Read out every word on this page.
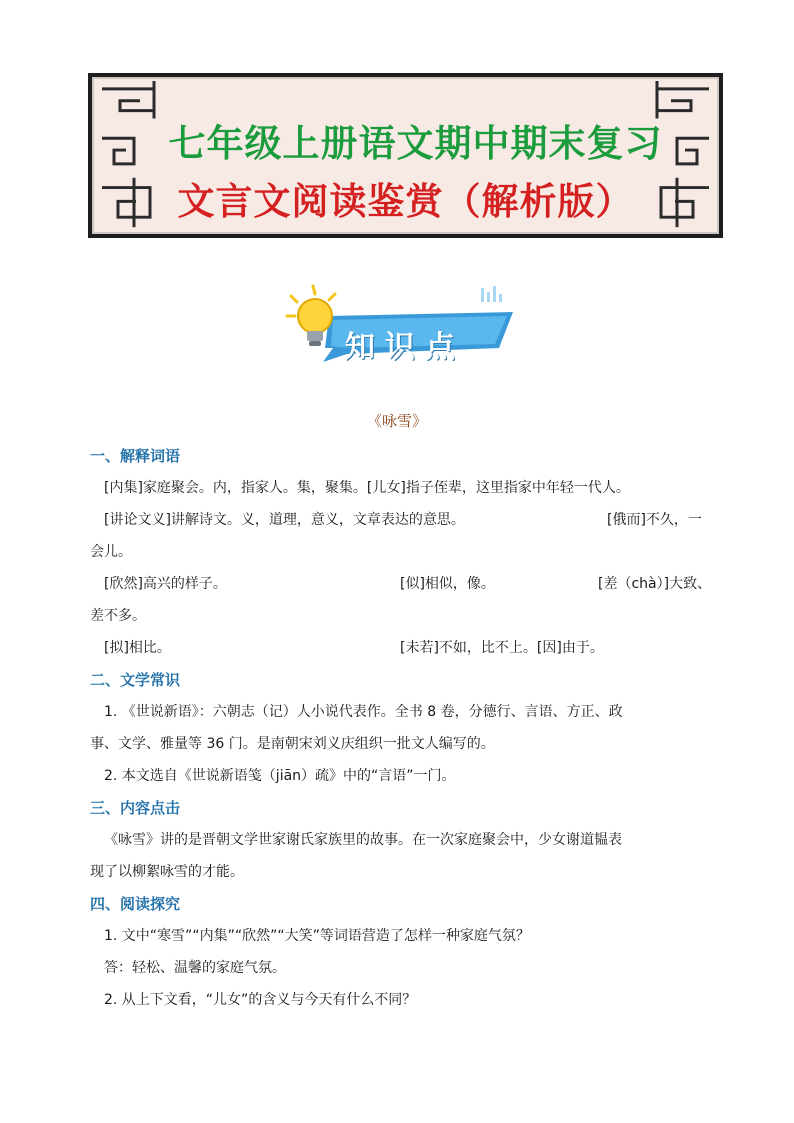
七年级上册语文期中期末复习
文言文阅读鉴赏（解析版）
知识点
《咏雪》

一、解释词语

[内集]家庭聚会。内，指家人。集，聚集。[儿女]指子侄辈，这里指家中年轻一代人。

[讲论文义]讲解诗文。义，道理，意义，文章表达的意思。	[俄而]不久，一

会儿。

[欣然]高兴的样子。	[似]相似，像。	[差（chà）]大致、

差不多。

[拟]相比。	[未若]不如，比不上。[因]由于。

二、文学常识

1. 《世说新语》：六朝志（记）人小说代表作。全书 8 卷，分德行、言语、方正、政

事、文学、雅量等 36 门。是南朝宋刘义庆组织一批文人编写的。

2. 本文选自《世说新语笺（jiān）疏》中的“言语”一门。

三、内容点击

《咏雪》讲的是晋朝文学世家谢氏家族里的故事。在一次家庭聚会中，少女谢道韫表

现了以柳絮咏雪的才能。

四、阅读探究

1. 文中“寒雪”“内集”“欣然”“大笑”等词语营造了怎样一种家庭气氛？

答：轻松、温馨的家庭气氛。

2. 从上下文看，“儿女”的含义与今天有什么不同？
